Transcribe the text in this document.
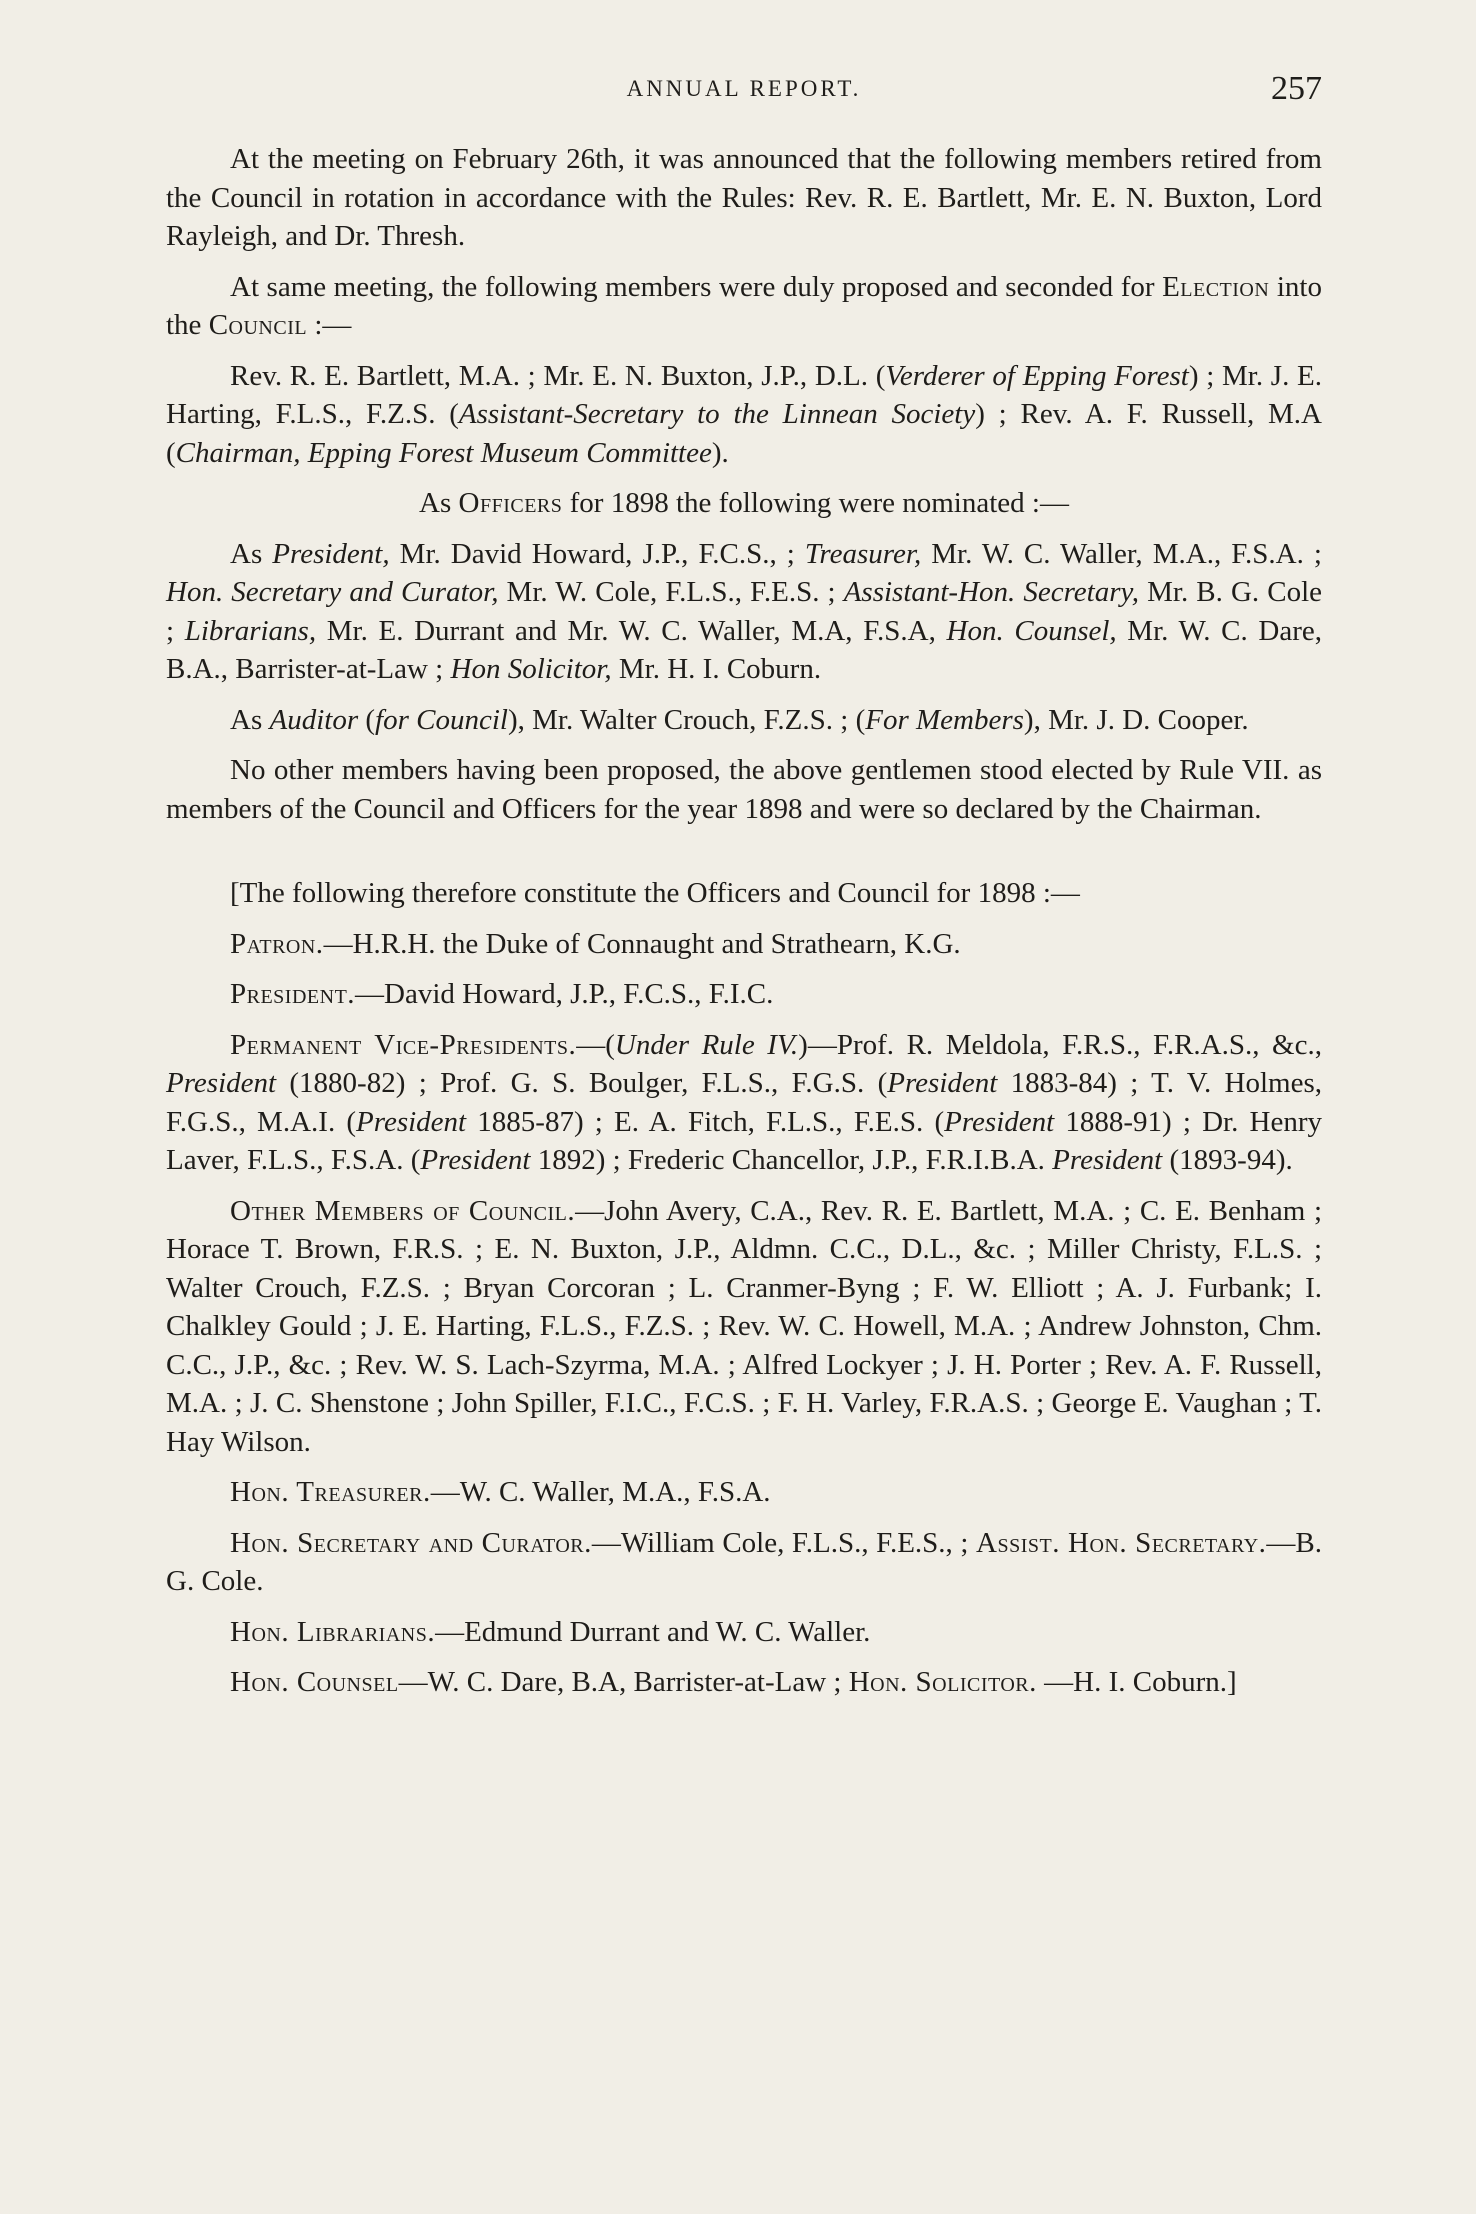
ANNUAL REPORT.	257

At the meeting on February 26th, it was announced that the following members retired from the Council in rotation in accordance with the Rules: Rev. R. E. Bartlett, Mr. E. N. Buxton, Lord Rayleigh, and Dr. Thresh.

At same meeting, the following members were duly proposed and seconded for Election into the Council :—

Rev. R. E. Bartlett, M.A. ; Mr. E. N. Buxton, J.P., D.L. (Verderer of Epping Forest) ; Mr. J. E. Harting, F.L.S., F.Z.S. (Assistant-Secretary to the Linnean Society) ; Rev. A. F. Russell, M.A (Chairman, Epping Forest Museum Committee).

As Officers for 1898 the following were nominated :—

As President, Mr. David Howard, J.P., F.C.S., ; Treasurer, Mr. W. C. Waller, M.A., F.S.A. ; Hon. Secretary and Curator, Mr. W. Cole, F.L.S., F.E.S. ; Assistant-Hon. Secretary, Mr. B. G. Cole ; Librarians, Mr. E. Durrant and Mr. W. C. Waller, M.A, F.S.A, Hon. Counsel, Mr. W. C. Dare, B.A., Barrister-at-Law ; Hon Solicitor, Mr. H. I. Coburn.

As Auditor (for Council), Mr. Walter Crouch, F.Z.S. ; (For Members), Mr. J. D. Cooper.

No other members having been proposed, the above gentlemen stood elected by Rule VII. as members of the Council and Officers for the year 1898 and were so declared by the Chairman.

[The following therefore constitute the Officers and Council for 1898 :—

Patron.—H.R.H. the Duke of Connaught and Strathearn, K.G.

President.—David Howard, J.P., F.C.S., F.I.C.

Permanent Vice-Presidents.—(Under Rule IV.)—Prof. R. Meldola, F.R.S., F.R.A.S., &c., President (1880-82) ; Prof. G. S. Boulger, F.L.S., F.G.S. (President 1883-84) ; T. V. Holmes, F.G.S., M.A.I. (President 1885-87) ; E. A. Fitch, F.L.S., F.E.S. (President 1888-91) ; Dr. Henry Laver, F.L.S., F.S.A. (President 1892) ; Frederic Chancellor, J.P., F.R.I.B.A. President (1893-94).

Other Members of Council.—John Avery, C.A., Rev. R. E. Bartlett, M.A. ; C. E. Benham ; Horace T. Brown, F.R.S. ; E. N. Buxton, J.P., Aldmn. C.C., D.L., &c. ; Miller Christy, F.L.S. ; Walter Crouch, F.Z.S. ; Bryan Corcoran ; L. Cranmer-Byng ; F. W. Elliott ; A. J. Furbank; I. Chalkley Gould ; J. E. Harting, F.L.S., F.Z.S. ; Rev. W. C. Howell, M.A. ; Andrew Johnston, Chm. C.C., J.P., &c. ; Rev. W. S. Lach-Szyrma, M.A. ; Alfred Lockyer ; J. H. Porter ; Rev. A. F. Russell, M.A. ; J. C. Shenstone ; John Spiller, F.I.C., F.C.S. ; F. H. Varley, F.R.A.S. ; George E. Vaughan ; T. Hay Wilson.

Hon. Treasurer.—W. C. Waller, M.A., F.S.A.

Hon. Secretary and Curator.—William Cole, F.L.S., F.E.S., ; Assist. Hon. Secretary.—B. G. Cole.

Hon. Librarians.—Edmund Durrant and W. C. Waller.

Hon. Counsel—W. C. Dare, B.A, Barrister-at-Law ; Hon. Solicitor. —H. I. Coburn.]
